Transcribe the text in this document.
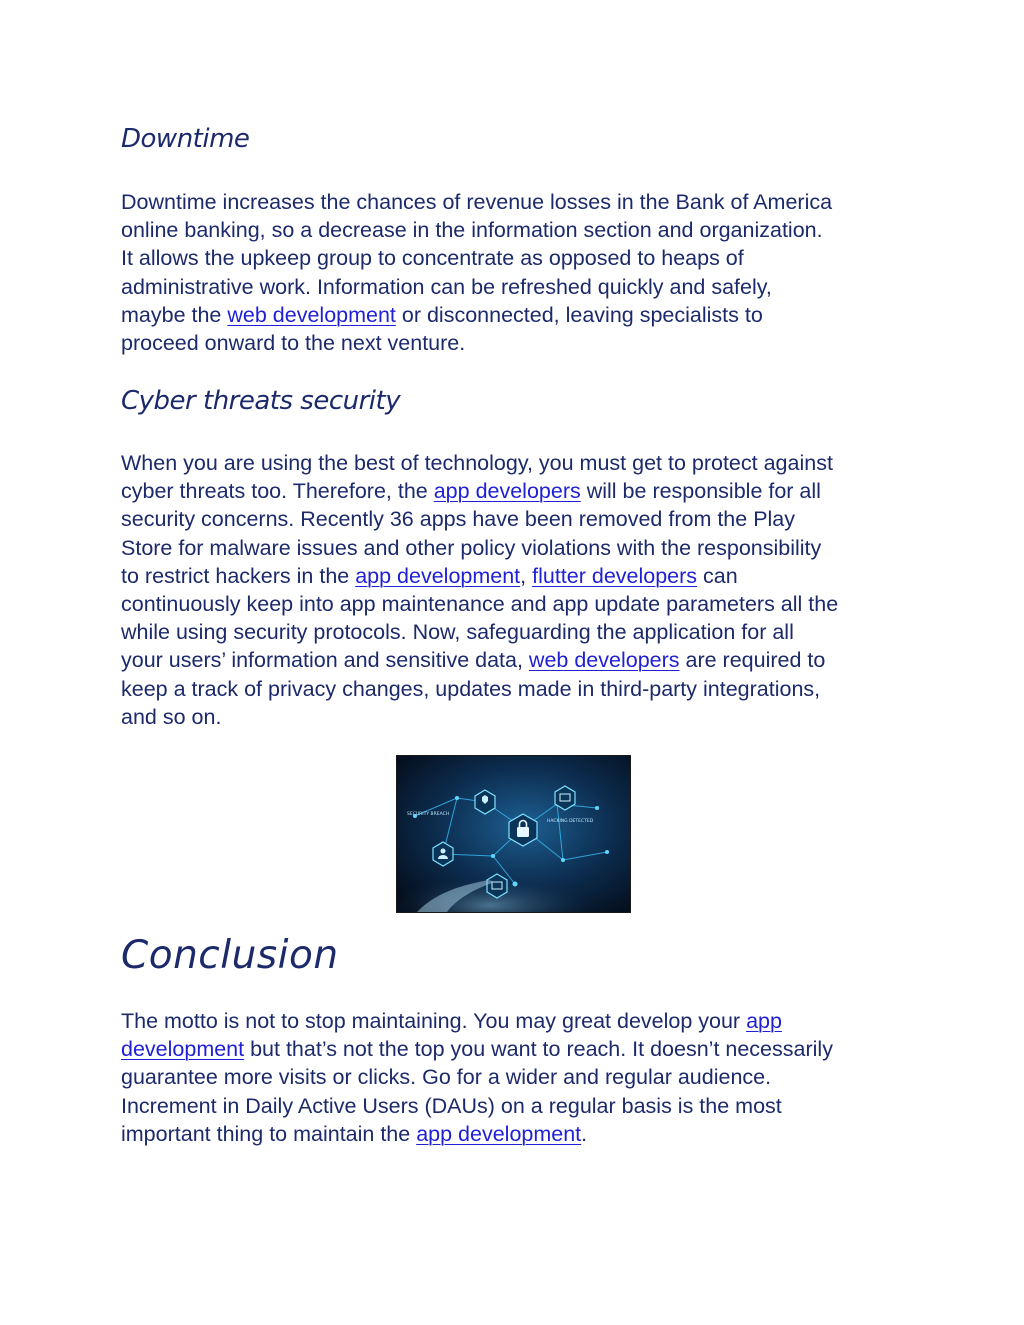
Downtime
Downtime increases the chances of revenue losses in the Bank of America
online banking, so a decrease in the information section and organization.
It allows the upkeep group to concentrate as opposed to heaps of
administrative work. Information can be refreshed quickly and safely,
maybe the web development or disconnected, leaving specialists to
proceed onward to the next venture.
Cyber threats security
When you are using the best of technology, you must get to protect against
cyber threats too. Therefore, the app developers will be responsible for all
security concerns. Recently 36 apps have been removed from the Play
Store for malware issues and other policy violations with the responsibility
to restrict hackers in the app development, flutter developers can
continuously keep into app maintenance and app update parameters all the
while using security protocols. Now, safeguarding the application for all
your users’ information and sensitive data, web developers are required to
keep a track of privacy changes, updates made in third-party integrations,
and so on.
SECURITY BREACH
HACKING DETECTED
Conclusion
The motto is not to stop maintaining. You may great develop your app
development but that’s not the top you want to reach. It doesn’t necessarily
guarantee more visits or clicks. Go for a wider and regular audience.
Increment in Daily Active Users (DAUs) on a regular basis is the most
important thing to maintain the app development.
